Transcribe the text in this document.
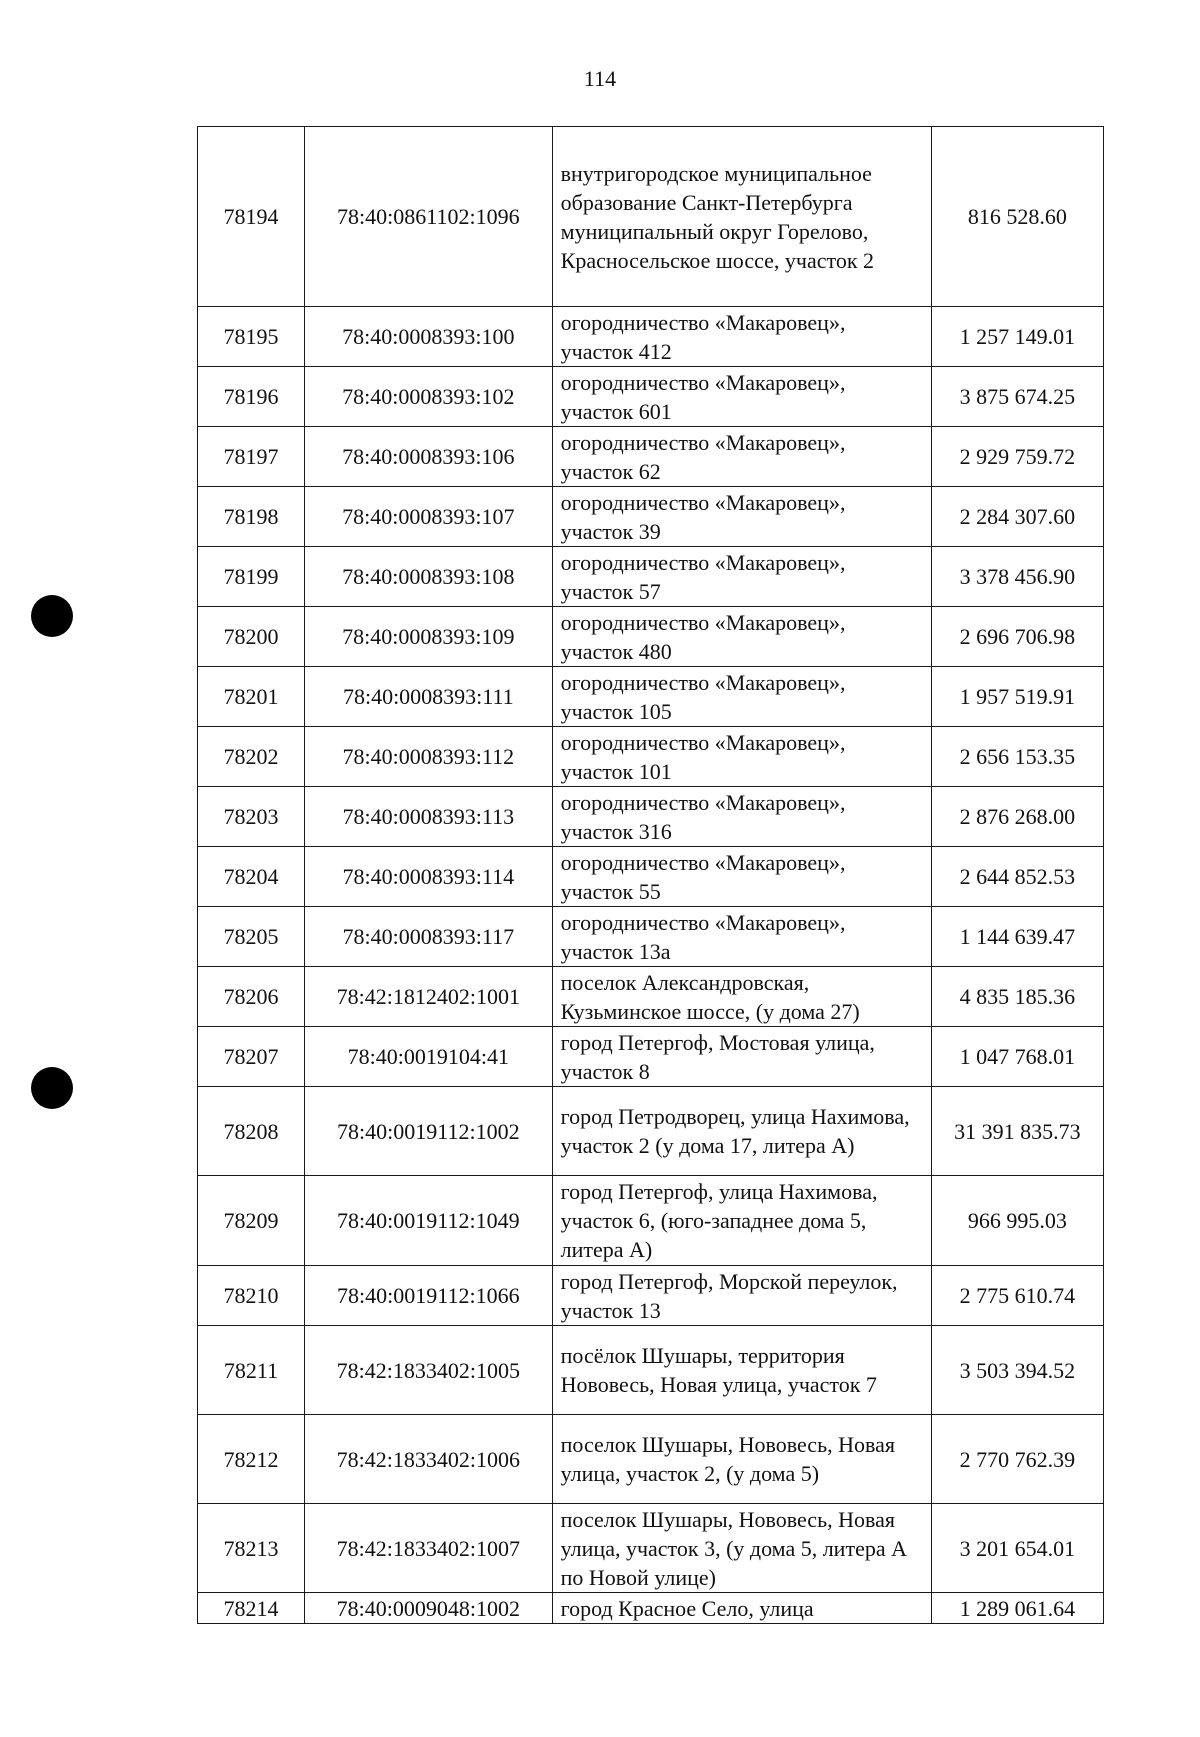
114
78194	78:40:0861102:1096	внутригородское муниципальное образование Санкт-Петербурга муниципальный округ Горелово, Красносельское шоссе, участок 2	816 528.60
78195	78:40:0008393:100	огородничество «Макаровец», участок 412	1 257 149.01
78196	78:40:0008393:102	огородничество «Макаровец», участок 601	3 875 674.25
78197	78:40:0008393:106	огородничество «Макаровец», участок 62	2 929 759.72
78198	78:40:0008393:107	огородничество «Макаровец», участок 39	2 284 307.60
78199	78:40:0008393:108	огородничество «Макаровец», участок 57	3 378 456.90
78200	78:40:0008393:109	огородничество «Макаровец», участок 480	2 696 706.98
78201	78:40:0008393:111	огородничество «Макаровец», участок 105	1 957 519.91
78202	78:40:0008393:112	огородничество «Макаровец», участок 101	2 656 153.35
78203	78:40:0008393:113	огородничество «Макаровец», участок 316	2 876 268.00
78204	78:40:0008393:114	огородничество «Макаровец», участок 55	2 644 852.53
78205	78:40:0008393:117	огородничество «Макаровец», участок 13а	1 144 639.47
78206	78:42:1812402:1001	поселок Александровская, Кузьминское шоссе, (у дома 27)	4 835 185.36
78207	78:40:0019104:41	город Петергоф, Мостовая улица, участок 8	1 047 768.01
78208	78:40:0019112:1002	город Петродворец, улица Нахимова, участок 2 (у дома 17, литера А)	31 391 835.73
78209	78:40:0019112:1049	город Петергоф, улица Нахимова, участок 6, (юго-западнее дома 5, литера А)	966 995.03
78210	78:40:0019112:1066	город Петергоф, Морской переулок, участок 13	2 775 610.74
78211	78:42:1833402:1005	посёлок Шушары, территория Нововесь, Новая улица, участок 7	3 503 394.52
78212	78:42:1833402:1006	поселок Шушары, Нововесь, Новая улица, участок 2, (у дома 5)	2 770 762.39
78213	78:42:1833402:1007	поселок Шушары, Нововесь, Новая улица, участок 3, (у дома 5, литера А по Новой улице)	3 201 654.01
78214	78:40:0009048:1002	город Красное Село, улица	1 289 061.64
